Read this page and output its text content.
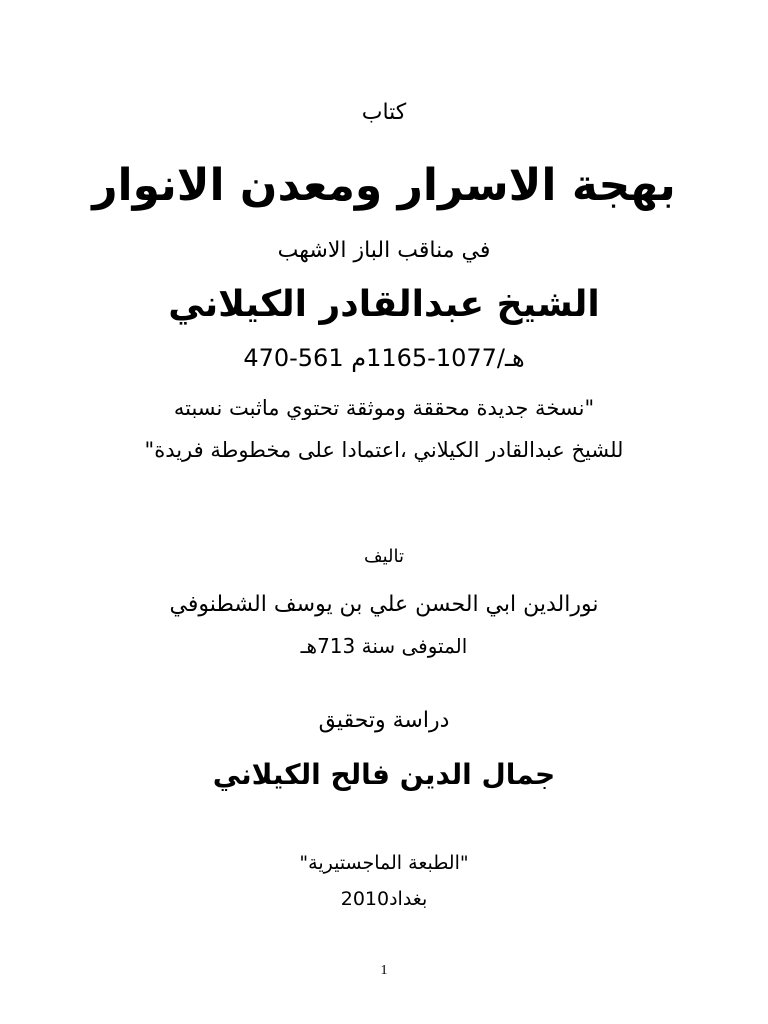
كتاب
بهجة الاسرار ومعدن الانوار
في مناقب الباز الاشهب
الشيخ عبدالقادر الكيلاني
470-561 هـ/1077-1165م
"نسخة جديدة محققة وموثقة تحتوي ماثبت نسبته
للشيخ عبدالقادر الكيلاني ،اعتمادا على مخطوطة فريدة"
تاليف
نورالدين ابي الحسن علي بن يوسف الشطنوفي
المتوفى سنة 713هـ
دراسة وتحقيق
جمال الدين فالح الكيلاني
"الطبعة الماجستيرية"
بغداد2010
1
